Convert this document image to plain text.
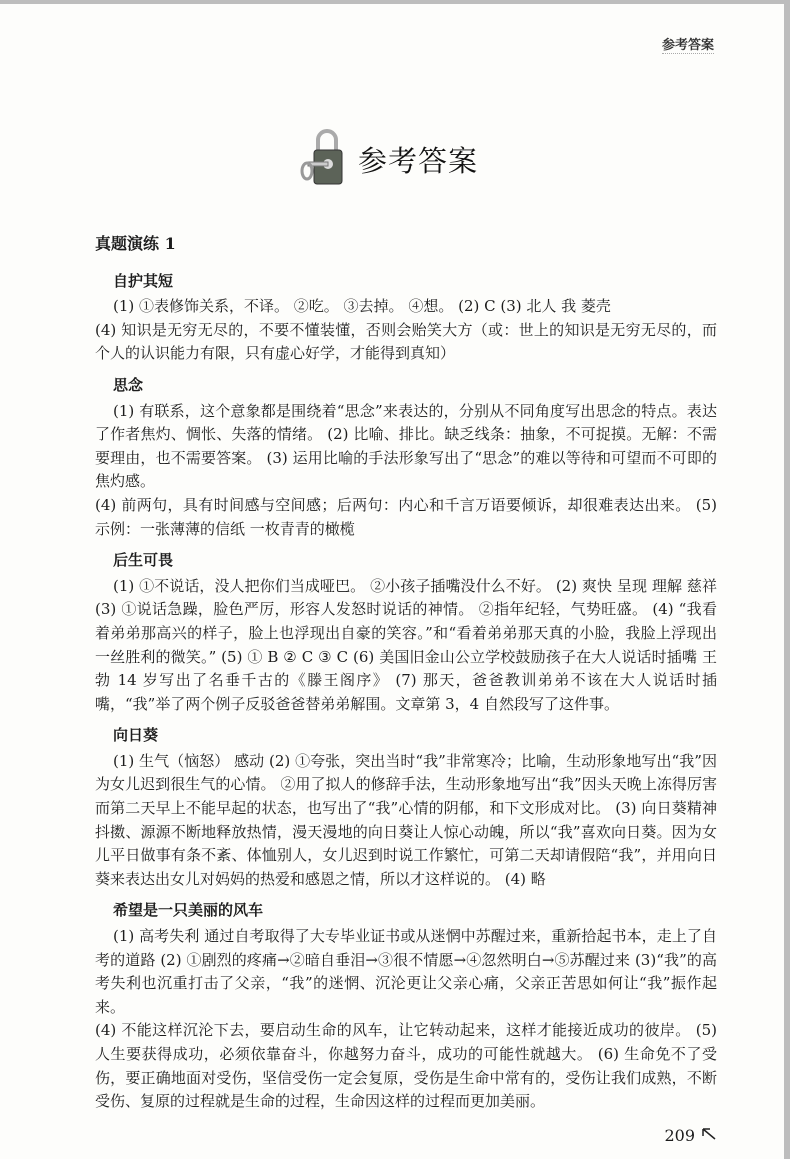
参考答案
参考答案
真题演练 1
自护其短

(1) ①表修饰关系，不译。 ②吃。 ③去掉。 ④想。 (2) C (3) 北人 我 菱壳

(4) 知识是无穷无尽的，不要不懂装懂，否则会贻笑大方（或：世上的知识是无穷无尽的，而个人的认识能力有限，只有虚心好学，才能得到真知）

思念

(1) 有联系，这个意象都是围绕着“思念”来表达的，分别从不同角度写出思念的特点。表达了作者焦灼、惆怅、失落的情绪。 (2) 比喻、排比。缺乏线条：抽象，不可捉摸。无解：不需要理由，也不需要答案。 (3) 运用比喻的手法形象写出了“思念”的难以等待和可望而不可即的焦灼感。

(4) 前两句，具有时间感与空间感；后两句：内心和千言万语要倾诉，却很难表达出来。 (5) 示例：一张薄薄的信纸 一枚青青的橄榄

后生可畏

(1) ①不说话，没人把你们当成哑巴。 ②小孩子插嘴没什么不好。 (2) 爽快 呈现 理解 慈祥 (3) ①说话急躁，脸色严厉，形容人发怒时说话的神情。 ②指年纪轻，气势旺盛。 (4) “我看着弟弟那高兴的样子，脸上也浮现出自豪的笑容。”和“看着弟弟那天真的小脸，我脸上浮现出一丝胜利的微笑。” (5) ① B ② C ③ C (6) 美国旧金山公立学校鼓励孩子在大人说话时插嘴 王勃 14 岁写出了名垂千古的《滕王阁序》 (7) 那天，爸爸教训弟弟不该在大人说话时插嘴，“我”举了两个例子反驳爸爸替弟弟解围。文章第 3，4 自然段写了这件事。

向日葵

(1) 生气（恼怒） 感动 (2) ①夸张，突出当时“我”非常寒冷；比喻，生动形象地写出“我”因为女儿迟到很生气的心情。 ②用了拟人的修辞手法，生动形象地写出“我”因头天晚上冻得厉害而第二天早上不能早起的状态，也写出了“我”心情的阴郁，和下文形成对比。 (3) 向日葵精神抖擞、源源不断地释放热情，漫天漫地的向日葵让人惊心动魄，所以“我”喜欢向日葵。因为女儿平日做事有条不紊、体恤别人，女儿迟到时说工作繁忙，可第二天却请假陪“我”，并用向日葵来表达出女儿对妈妈的热爱和感恩之情，所以才这样说的。 (4) 略

希望是一只美丽的风车

(1) 高考失利 通过自考取得了大专毕业证书或从迷惘中苏醒过来，重新拾起书本，走上了自考的道路 (2) ①剧烈的疼痛→②暗自垂泪→③很不情愿→④忽然明白→⑤苏醒过来 (3)“我”的高考失利也沉重打击了父亲，“我”的迷惘、沉沦更让父亲心痛，父亲正苦思如何让“我”振作起来。

(4) 不能这样沉沦下去，要启动生命的风车，让它转动起来，这样才能接近成功的彼岸。 (5) 人生要获得成功，必须依靠奋斗，你越努力奋斗，成功的可能性就越大。 (6) 生命免不了受伤，要正确地面对受伤，坚信受伤一定会复原，受伤是生命中常有的，受伤让我们成熟，不断受伤、复原的过程就是生命的过程，生命因这样的过程而更加美丽。

209
